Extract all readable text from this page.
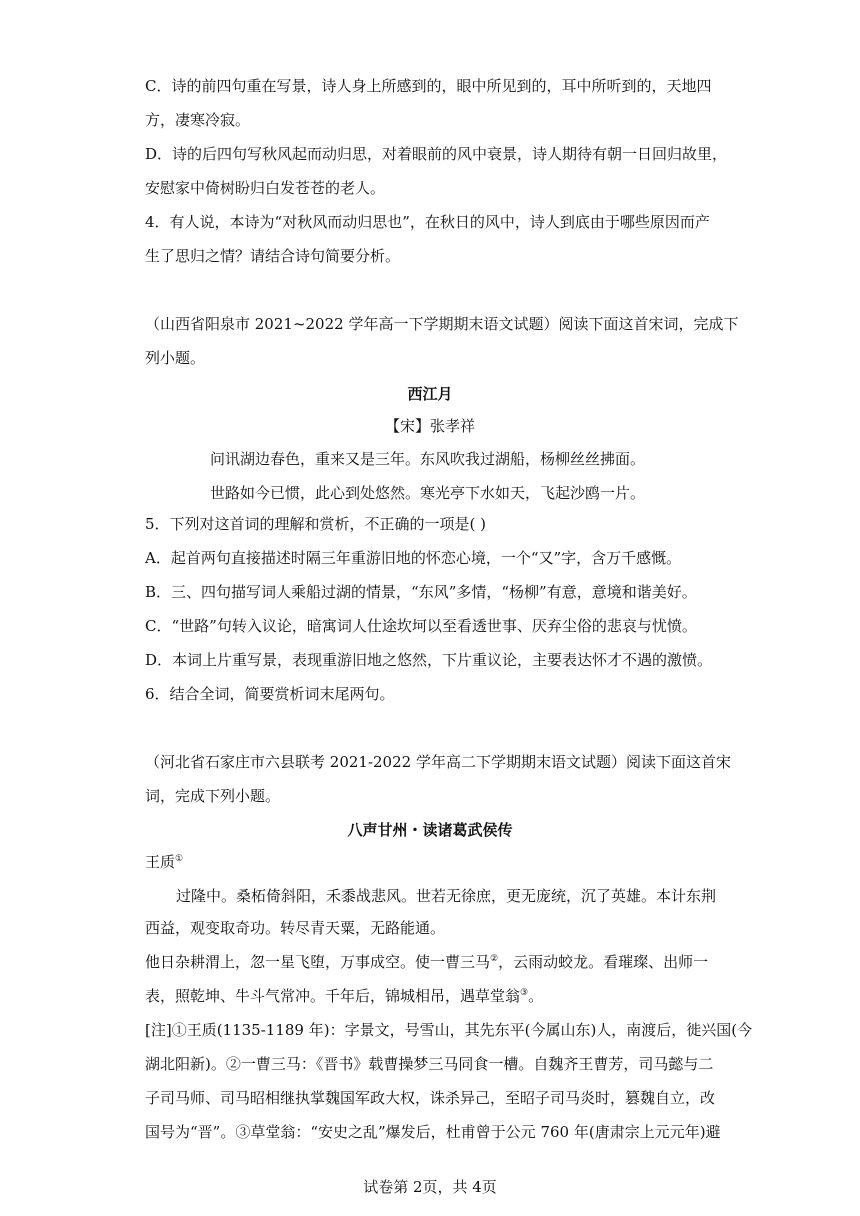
C．诗的前四句重在写景，诗人身上所感到的，眼中所见到的，耳中所听到的，天地四
方，凄寒冷寂。
D．诗的后四句写秋风起而动归思，对着眼前的风中衰景，诗人期待有朝一日回归故里，
安慰家中倚树盼归白发苍苍的老人。
4．有人说，本诗为“对秋风而动归思也”，在秋日的风中，诗人到底由于哪些原因而产
生了思归之情？请结合诗句简要分析。
（山西省阳泉市 2021~2022 学年高一下学期期末语文试题）阅读下面这首宋词，完成下
列小题。
西江月
【宋】张孝祥
问讯湖边春色，重来又是三年。东风吹我过湖船，杨柳丝丝拂面。
世路如今已惯，此心到处悠然。寒光亭下水如天，飞起沙鸥一片。
5．下列对这首词的理解和赏析，不正确的一项是( )
A．起首两句直接描述时隔三年重游旧地的怀恋心境，一个“又”字，含万千感慨。
B．三、四句描写词人乘船过湖的情景，“东风”多情，“杨柳”有意，意境和谐美好。
C．“世路”句转入议论，暗寓词人仕途坎坷以至看透世事、厌弃尘俗的悲哀与忧愤。
D．本词上片重写景，表现重游旧地之悠然，下片重议论，主要表达怀才不遇的激愤。
6．结合全词，简要赏析词末尾两句。
（河北省石家庄市六县联考 2021-2022 学年高二下学期期末语文试题）阅读下面这首宋
词，完成下列小题。
八声甘州・读诸葛武侯传
王质①
过隆中。桑柘倚斜阳，禾黍战悲风。世若无徐庶，更无庞统，沉了英雄。本计东荆
西益，观变取奇功。转尽青天粟，无路能通。
他日杂耕渭上，忽一星飞堕，万事成空。使一曹三马②，云雨动蛟龙。看璀璨、出师一
表，照乾坤、牛斗气常冲。千年后，锦城相吊，遇草堂翁③。
[注]①王质(1135-1189 年)：字景文，号雪山，其先东平(今属山东)人，南渡后，徙兴国(今
湖北阳新)。②一曹三马：《晋书》载曹操梦三马同食一槽。自魏齐王曹芳，司马懿与二
子司马师、司马昭相继执掌魏国军政大权，诛杀异己，至昭子司马炎时，篡魏自立，改
国号为“晋”。③草堂翁：“安史之乱”爆发后，杜甫曾于公元 760 年(唐肃宗上元元年)避
试卷第 2页，共 4页
